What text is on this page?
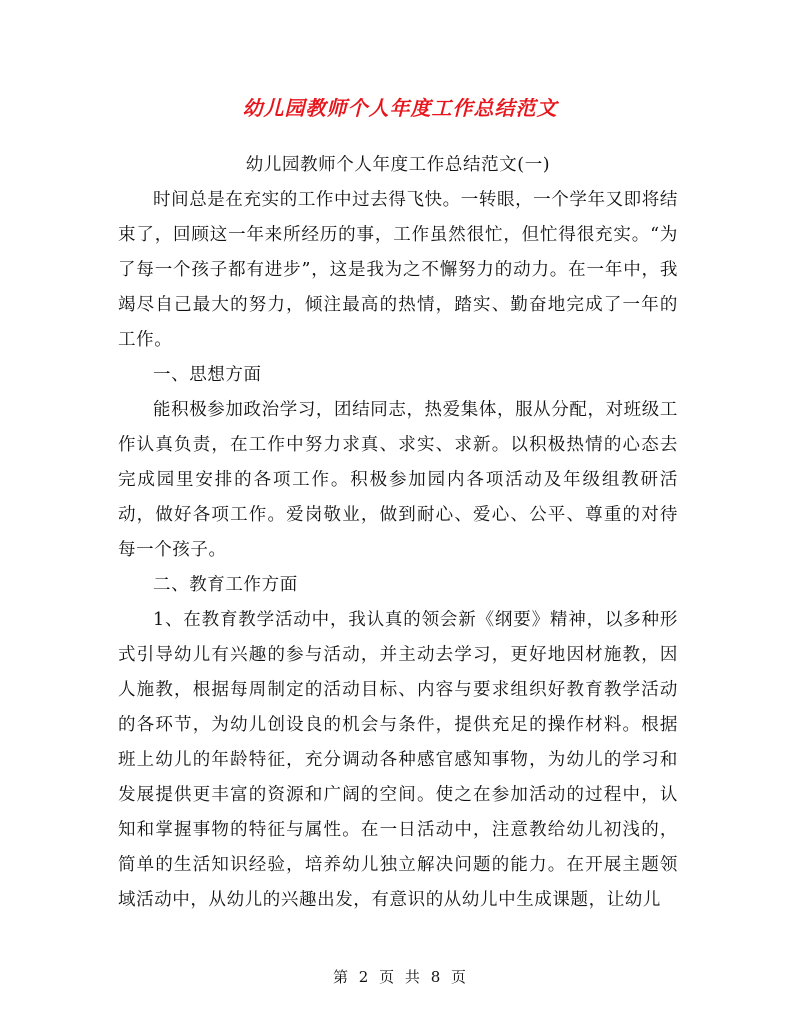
幼儿园教师个人年度工作总结范文

幼儿园教师个人年度工作总结范文(一)

时间总是在充实的工作中过去得飞快。一转眼，一个学年又即将结束了，回顾这一年来所经历的事，工作虽然很忙，但忙得很充实。“为了每一个孩子都有进步”，这是我为之不懈努力的动力。在一年中，我竭尽自己最大的努力，倾注最高的热情，踏实、勤奋地完成了一年的工作。

一、思想方面

能积极参加政治学习，团结同志，热爱集体，服从分配，对班级工作认真负责，在工作中努力求真、求实、求新。以积极热情的心态去完成园里安排的各项工作。积极参加园内各项活动及年级组教研活动，做好各项工作。爱岗敬业，做到耐心、爱心、公平、尊重的对待每一个孩子。

二、教育工作方面

1、在教育教学活动中，我认真的领会新《纲要》精神，以多种形式引导幼儿有兴趣的参与活动，并主动去学习，更好地因材施教，因人施教，根据每周制定的活动目标、内容与要求组织好教育教学活动的各环节，为幼儿创设良的机会与条件，提供充足的操作材料。根据班上幼儿的年龄特征，充分调动各种感官感知事物，为幼儿的学习和发展提供更丰富的资源和广阔的空间。使之在参加活动的过程中，认知和掌握事物的特征与属性。在一日活动中，注意教给幼儿初浅的，简单的生活知识经验，培养幼儿独立解决问题的能力。在开展主题领域活动中，从幼儿的兴趣出发，有意识的从幼儿中生成课题，让幼儿

第 2 页 共 8 页
